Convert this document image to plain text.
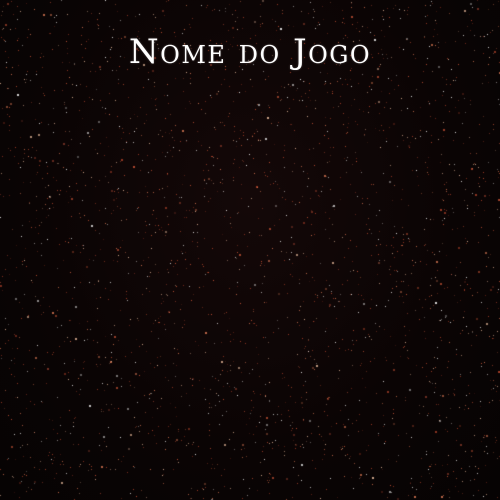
Nome do Jogo
